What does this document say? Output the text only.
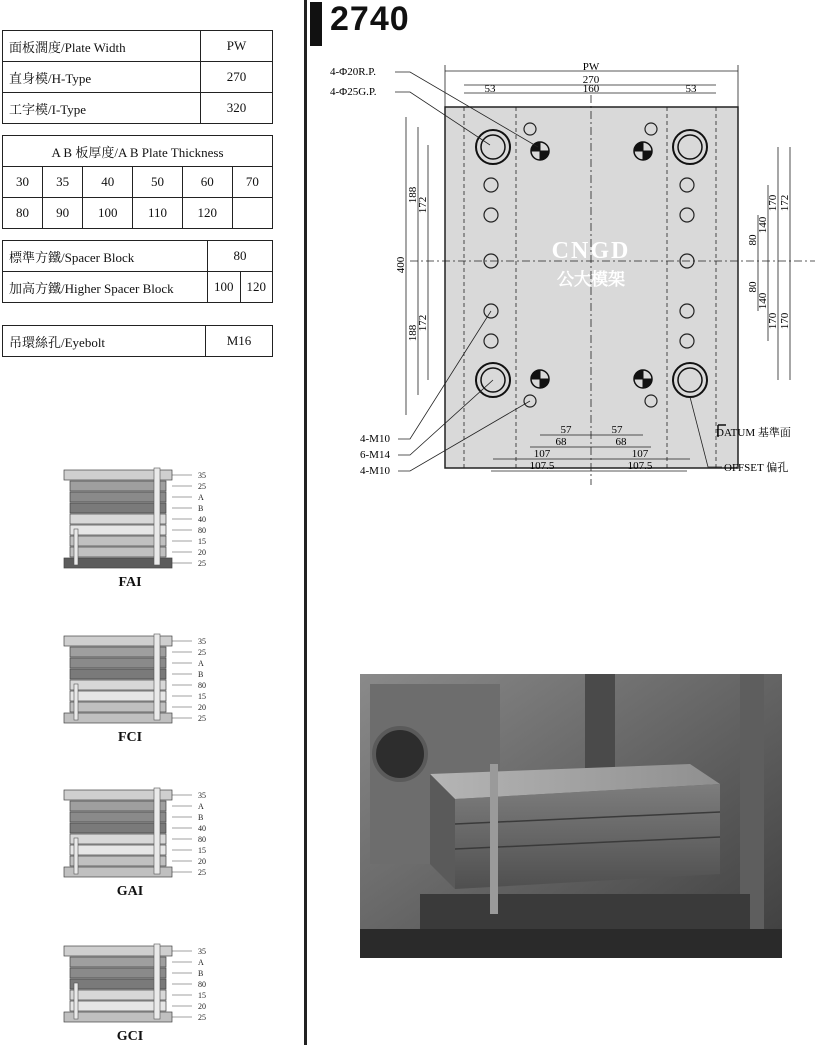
面板濶度/Plate Width	PW
直身模/H-Type	270
工字模/I-Type	320
A B 板厚度/A B Plate Thickness					
30	35	40	50	60	70
80	90	100	110	120	
標準方鐵/Spacer Block	80	
加高方鐵/Higher Spacer Block	100	120
吊環絲孔/Eyebolt	M16
35
25
A
B
40
80
15
20
25
FAI
35
25
A
B
80
15
20
25
FCI
35
A
B
40
80
15
20
25
GAI
35
A
B
80
15
20
25
GCI
2740
CNGD
公大模架
PW
270
53	160	53
4-Φ20R.P.
4-Φ25G.P.
400
188
172
188
172
170 172
140
80
80
140
170 170
57	57
68	68
107	107
107.5	107.5
4-M10
6-M14
4-M10
DATUM 基準面
OFFSET 偏孔
